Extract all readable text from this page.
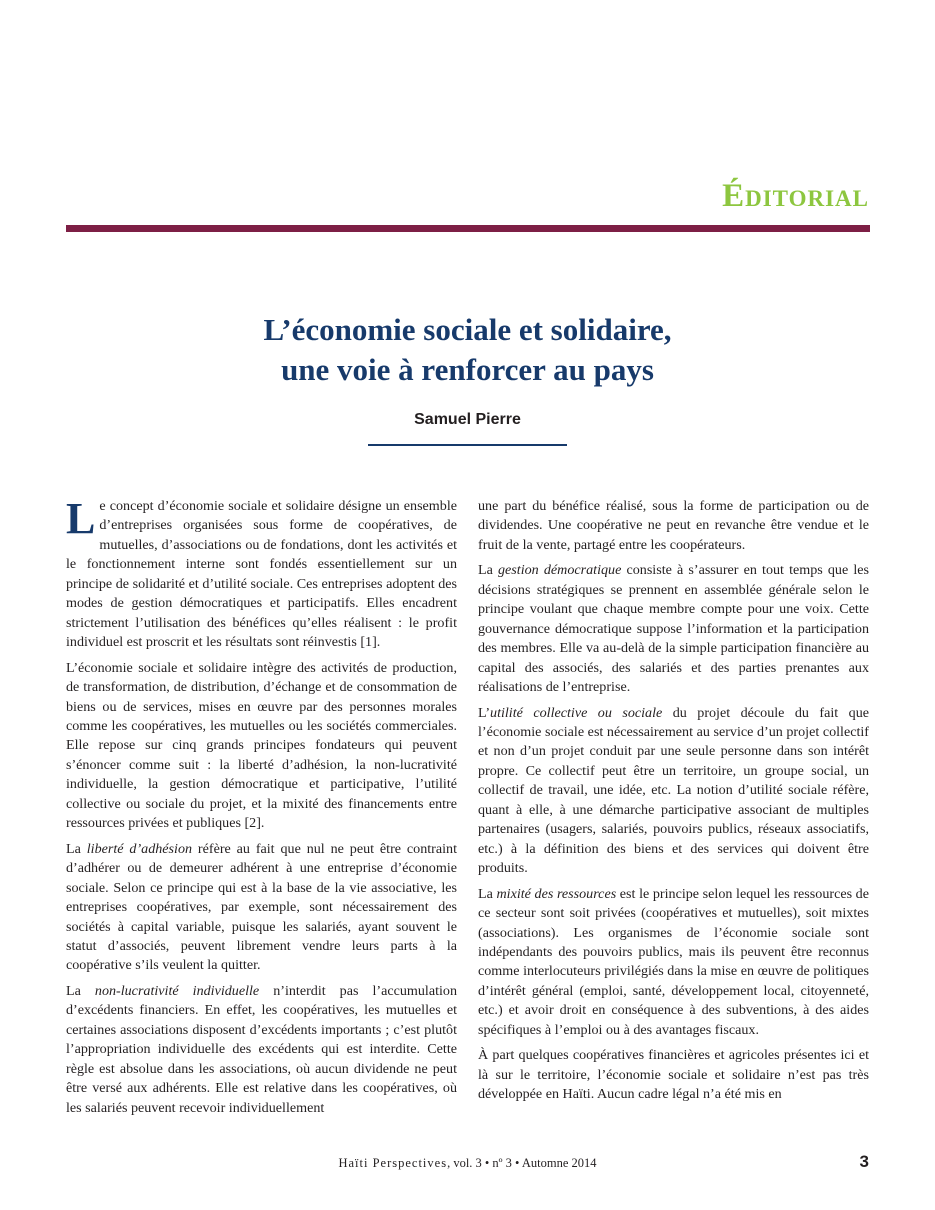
Éditorial
L’économie sociale et solidaire,
une voie à renforcer au pays
Samuel Pierre

Le concept d’économie sociale et solidaire désigne un ensemble d’entreprises organisées sous forme de coopératives, de mutuelles, d’associations ou de fondations, dont les activités et le fonctionnement interne sont fondés essentiellement sur un principe de solidarité et d’utilité sociale. Ces entreprises adoptent des modes de gestion démocratiques et participatifs. Elles encadrent strictement l’utilisation des bénéfices qu’elles réalisent : le profit individuel est proscrit et les résultats sont réinvestis [1].

L’économie sociale et solidaire intègre des activités de production, de transformation, de distribution, d’échange et de consommation de biens ou de services, mises en œuvre par des personnes morales comme les coopératives, les mutuelles ou les sociétés commerciales. Elle repose sur cinq grands principes fondateurs qui peuvent s’énoncer comme suit : la liberté d’adhésion, la non-lucrativité individuelle, la gestion démocratique et participative, l’utilité collective ou sociale du projet, et la mixité des financements entre ressources privées et publiques [2].

La liberté d’adhésion réfère au fait que nul ne peut être contraint d’adhérer ou de demeurer adhérent à une entreprise d’économie sociale. Selon ce principe qui est à la base de la vie associative, les entreprises coopératives, par exemple, sont nécessairement des sociétés à capital variable, puisque les salariés, ayant souvent le statut d’associés, peuvent librement vendre leurs parts à la coopérative s’ils veulent la quitter.

La non-lucrativité individuelle n’interdit pas l’accumulation d’excédents financiers. En effet, les coopératives, les mutuelles et certaines associations disposent d’excédents importants ; c’est plutôt l’appropriation individuelle des excédents qui est interdite. Cette règle est absolue dans les associations, où aucun dividende ne peut être versé aux adhérents. Elle est relative dans les coopératives, où les salariés peuvent recevoir individuellement

une part du bénéfice réalisé, sous la forme de participation ou de dividendes. Une coopérative ne peut en revanche être vendue et le fruit de la vente, partagé entre les coopérateurs.

La gestion démocratique consiste à s’assurer en tout temps que les décisions stratégiques se prennent en assemblée générale selon le principe voulant que chaque membre compte pour une voix. Cette gouvernance démocratique suppose l’information et la participation des membres. Elle va au-delà de la simple participation financière au capital des associés, des salariés et des parties prenantes aux réalisations de l’entreprise.

L’utilité collective ou sociale du projet découle du fait que l’économie sociale est nécessairement au service d’un projet collectif et non d’un projet conduit par une seule personne dans son intérêt propre. Ce collectif peut être un territoire, un groupe social, un collectif de travail, une idée, etc. La notion d’utilité sociale réfère, quant à elle, à une démarche participative associant de multiples partenaires (usagers, salariés, pouvoirs publics, réseaux associatifs, etc.) à la définition des biens et des services qui doivent être produits.

La mixité des ressources est le principe selon lequel les ressources de ce secteur sont soit privées (coopératives et mutuelles), soit mixtes (associations). Les organismes de l’économie sociale sont indépendants des pouvoirs publics, mais ils peuvent être reconnus comme interlocuteurs privilégiés dans la mise en œuvre de politiques d’intérêt général (emploi, santé, développement local, citoyenneté, etc.) et avoir droit en conséquence à des subventions, à des aides spécifiques à l’emploi ou à des avantages fiscaux.

À part quelques coopératives financières et agricoles présentes ici et là sur le territoire, l’économie sociale et solidaire n’est pas très développée en Haïti. Aucun cadre légal n’a été mis en

Haïti Perspectives, vol. 3 • nº 3 • Automne 2014	3
